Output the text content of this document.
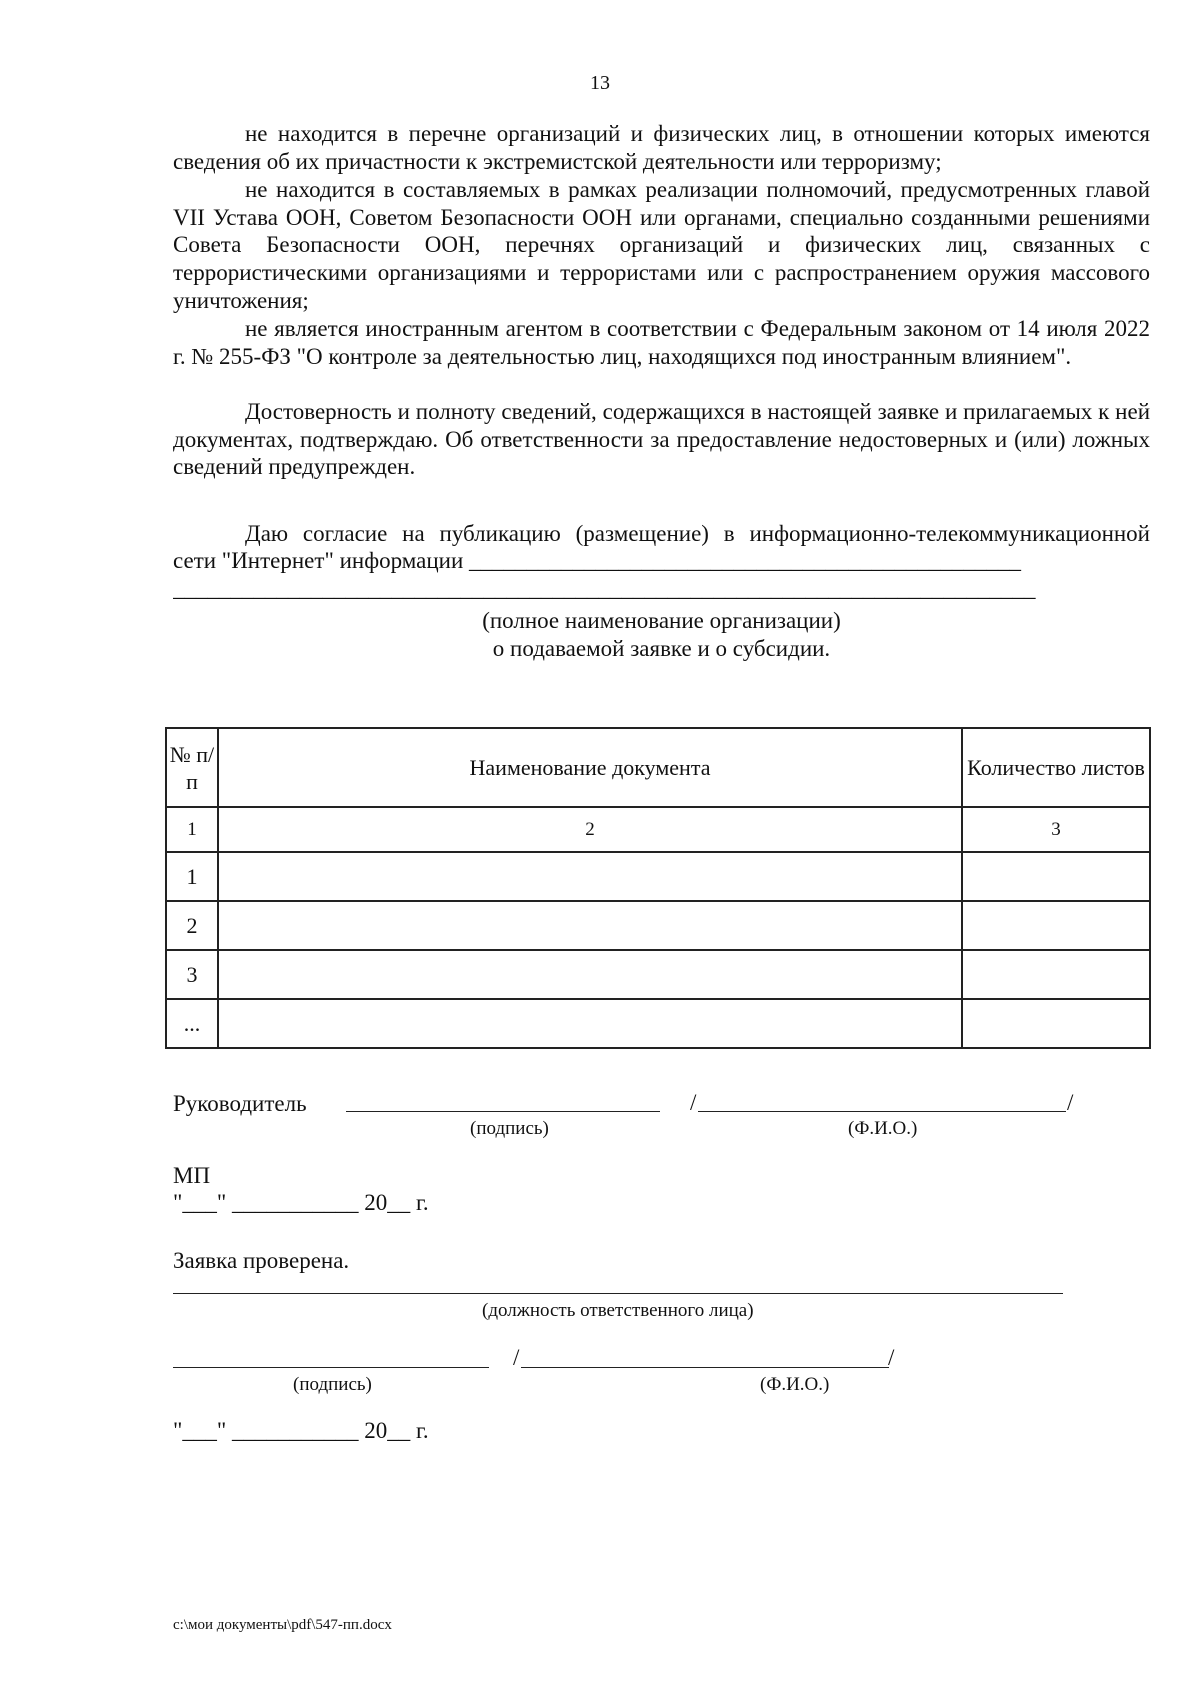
13

не находится в перечне организаций и физических лиц, в отношении которых имеются сведения об их причастности к экстремистской деятельности или терроризму;

не находится в составляемых в рамках реализации полномочий, предусмотренных главой VII Устава ООН, Советом Безопасности ООН или органами, специально созданными решениями Совета Безопасности ООН, перечнях организаций и физических лиц, связанных с террористическими организациями и террористами или с распространением оружия массового уничтожения;

не является иностранным агентом в соответствии с Федеральным законом от 14 июля 2022 г. № 255-ФЗ "О контроле за деятельностью лиц, находящихся под иностранным влиянием".

Достоверность и полноту сведений, содержащихся в настоящей заявке и прилагаемых к ней документах, подтверждаю. Об ответственности за предоставление недостоверных и (или) ложных сведений предупрежден.

Даю согласие на публикацию (размещение) в информационно-телекоммуникационной
сети "Интернет" информации ________________________________________________
___________________________________________________________________________
(полное наименование организации)
о подаваемой заявке и о субсидии.
№ п/п	Наименование документа	Количество листов
1	2	3
1		
2		
3		
...		
Руководитель	/	/
(подпись)	(Ф.И.О.)
МП
"___" ___________ 20__ г.
Заявка проверена.
(должность ответственного лица)
/	/
(подпись)	(Ф.И.О.)
"___" ___________ 20__ г.
c:\мои документы\pdf\547-пп.docx
